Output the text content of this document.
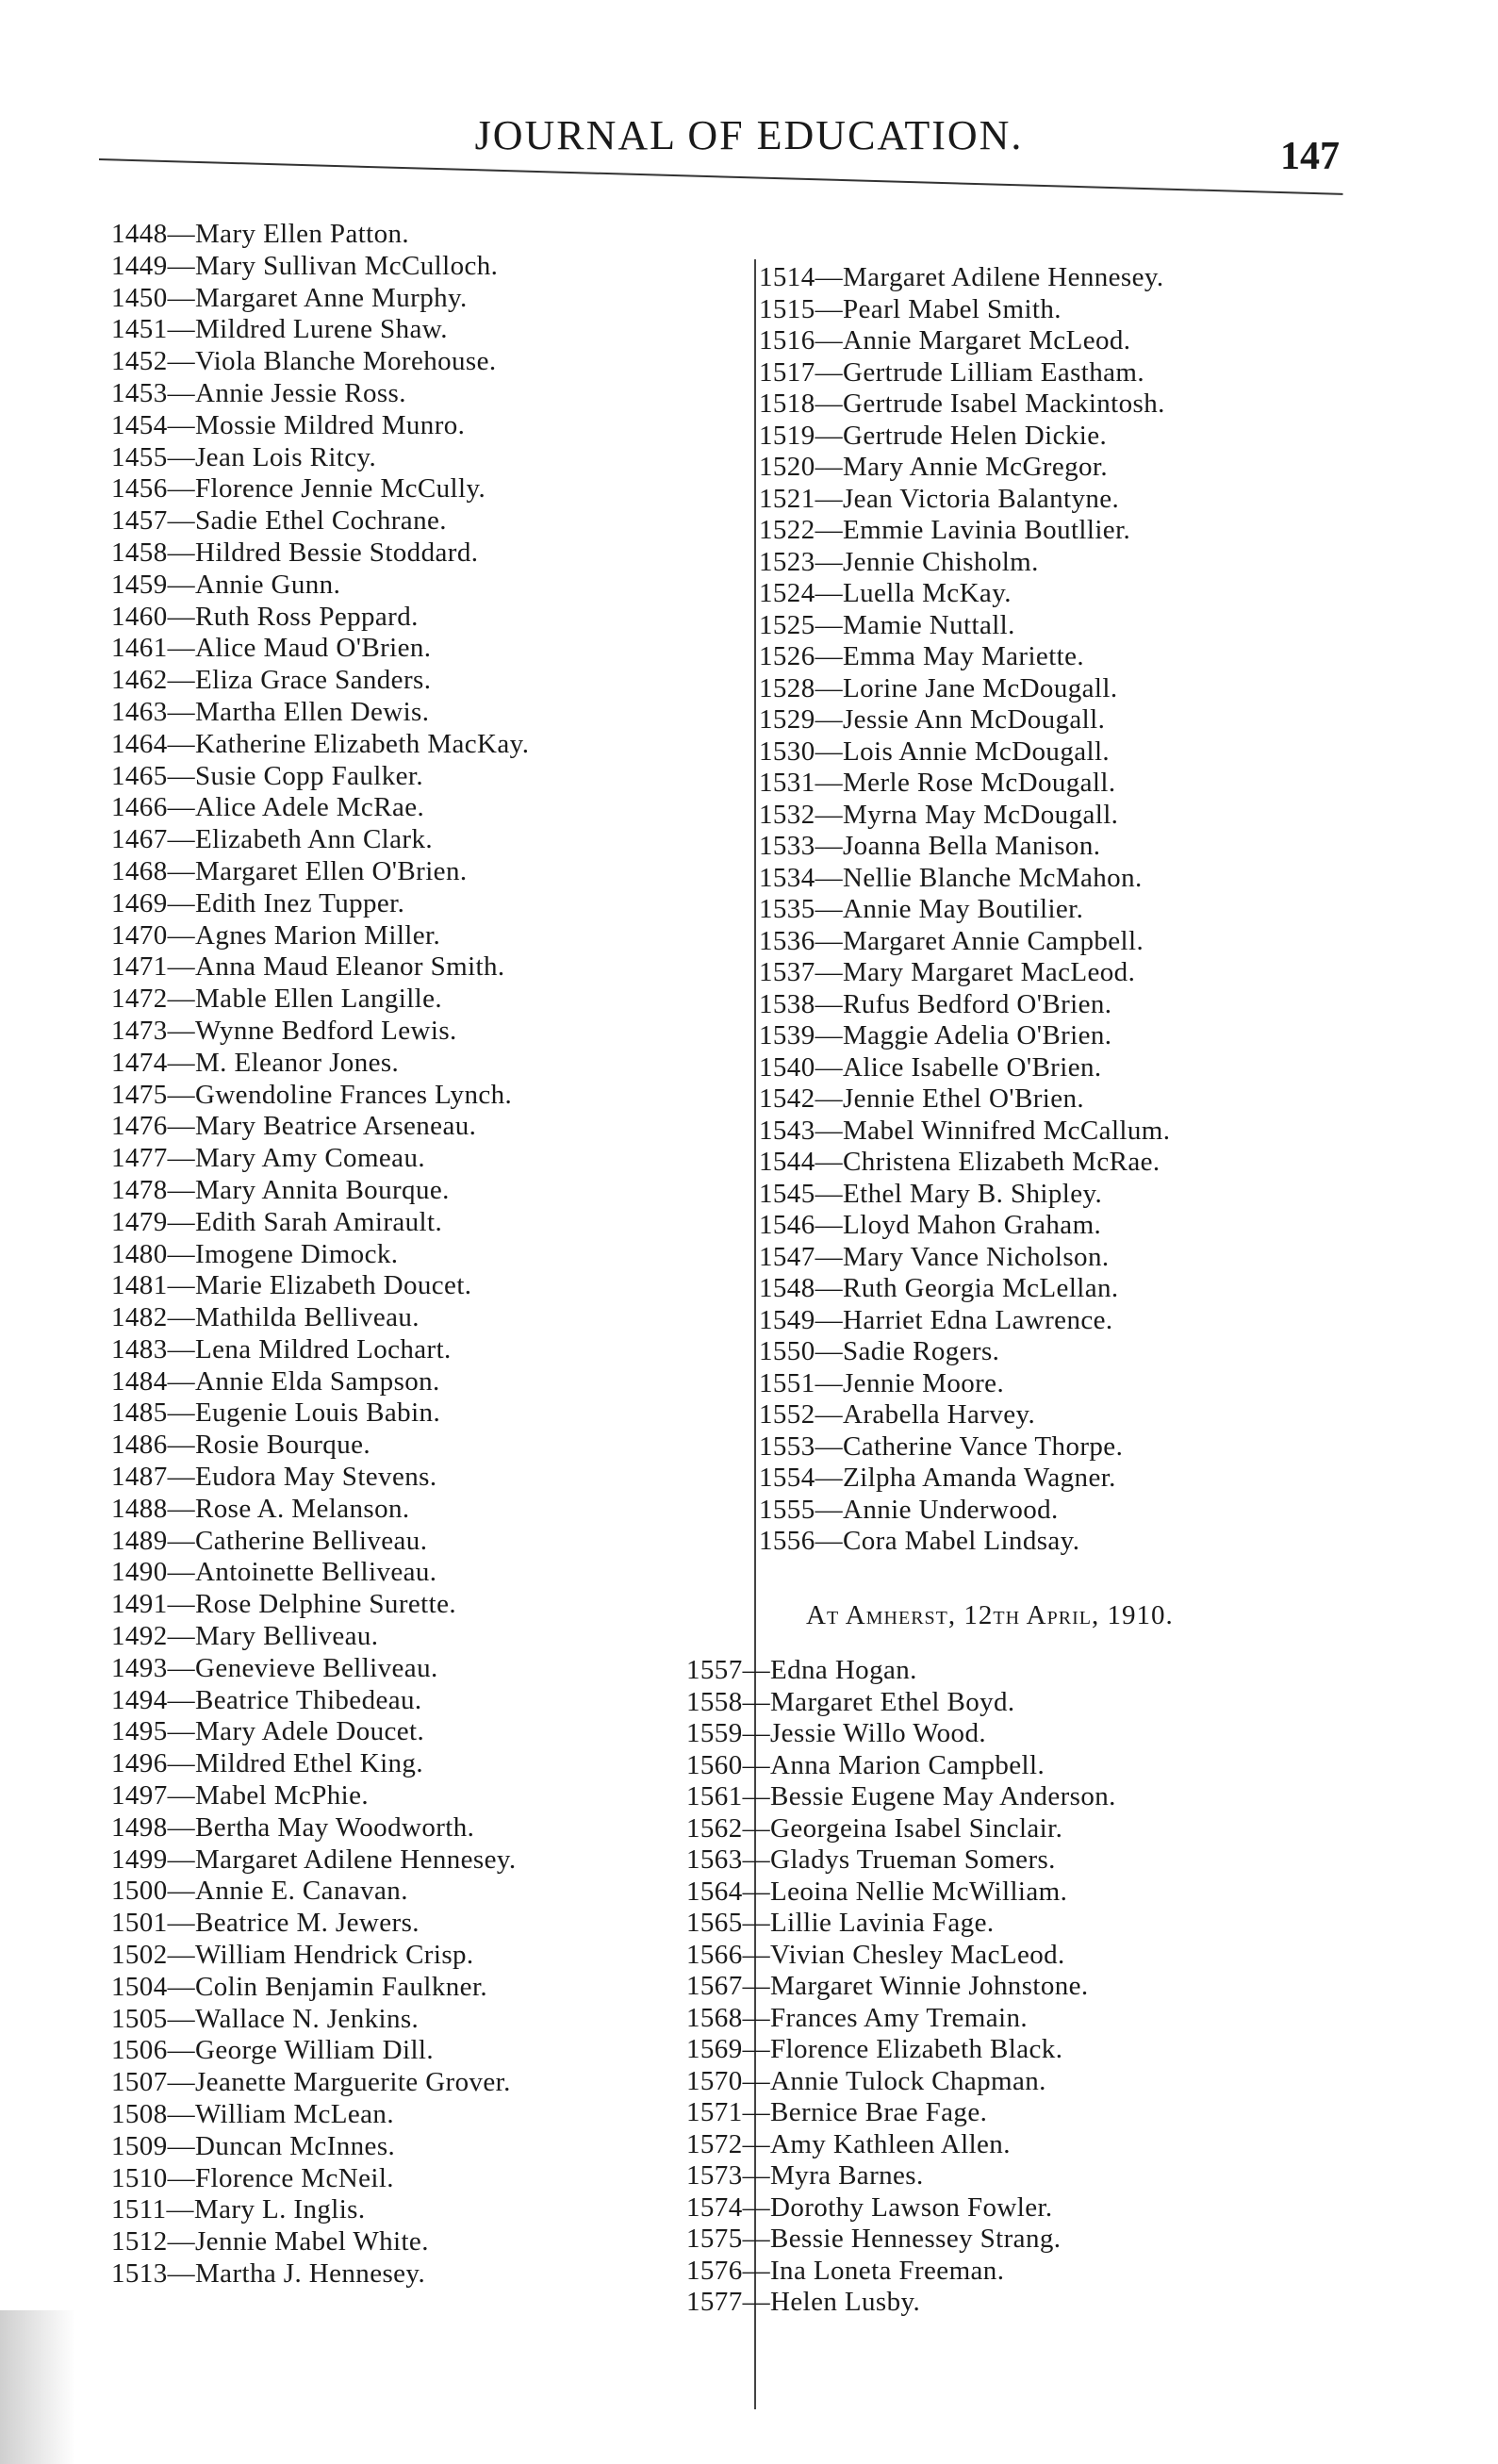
JOURNAL OF EDUCATION.	147
1448—Mary Ellen Patton.
1449—Mary Sullivan McCulloch.
1450—Margaret Anne Murphy.
1451—Mildred Lurene Shaw.
1452—Viola Blanche Morehouse.
1453—Annie Jessie Ross.
1454—Mossie Mildred Munro.
1455—Jean Lois Ritcy.
1456—Florence Jennie McCully.
1457—Sadie Ethel Cochrane.
1458—Hildred Bessie Stoddard.
1459—Annie Gunn.
1460—Ruth Ross Peppard.
1461—Alice Maud O'Brien.
1462—Eliza Grace Sanders.
1463—Martha Ellen Dewis.
1464—Katherine Elizabeth MacKay.
1465—Susie Copp Faulker.
1466—Alice Adele McRae.
1467—Elizabeth Ann Clark.
1468—Margaret Ellen O'Brien.
1469—Edith Inez Tupper.
1470—Agnes Marion Miller.
1471—Anna Maud Eleanor Smith.
1472—Mable Ellen Langille.
1473—Wynne Bedford Lewis.
1474—M. Eleanor Jones.
1475—Gwendoline Frances Lynch.
1476—Mary Beatrice Arseneau.
1477—Mary Amy Comeau.
1478—Mary Annita Bourque.
1479—Edith Sarah Amirault.
1480—Imogene Dimock.
1481—Marie Elizabeth Doucet.
1482—Mathilda Belliveau.
1483—Lena Mildred Lochart.
1484—Annie Elda Sampson.
1485—Eugenie Louis Babin.
1486—Rosie Bourque.
1487—Eudora May Stevens.
1488—Rose A. Melanson.
1489—Catherine Belliveau.
1490—Antoinette Belliveau.
1491—Rose Delphine Surette.
1492—Mary Belliveau.
1493—Genevieve Belliveau.
1494—Beatrice Thibedeau.
1495—Mary Adele Doucet.
1496—Mildred Ethel King.
1497—Mabel McPhie.
1498—Bertha May Woodworth.
1499—Margaret Adilene Hennesey.
1500—Annie E. Canavan.
1501—Beatrice M. Jewers.
1502—William Hendrick Crisp.
1504—Colin Benjamin Faulkner.
1505—Wallace N. Jenkins.
1506—George William Dill.
1507—Jeanette Marguerite Grover.
1508—William McLean.
1509—Duncan McInnes.
1510—Florence McNeil.
1511—Mary L. Inglis.
1512—Jennie Mabel White.
1513—Martha J. Hennesey.
1514—Margaret Adilene Hennesey.
1515—Pearl Mabel Smith.
1516—Annie Margaret McLeod.
1517—Gertrude Lilliam Eastham.
1518—Gertrude Isabel Mackintosh.
1519—Gertrude Helen Dickie.
1520—Mary Annie McGregor.
1521—Jean Victoria Balantyne.
1522—Emmie Lavinia Boutllier.
1523—Jennie Chisholm.
1524—Luella McKay.
1525—Mamie Nuttall.
1526—Emma May Mariette.
1528—Lorine Jane McDougall.
1529—Jessie Ann McDougall.
1530—Lois Annie McDougall.
1531—Merle Rose McDougall.
1532—Myrna May McDougall.
1533—Joanna Bella Manison.
1534—Nellie Blanche McMahon.
1535—Annie May Boutilier.
1536—Margaret Annie Campbell.
1537—Mary Margaret MacLeod.
1538—Rufus Bedford O'Brien.
1539—Maggie Adelia O'Brien.
1540—Alice Isabelle O'Brien.
1542—Jennie Ethel O'Brien.
1543—Mabel Winnifred McCallum.
1544—Christena Elizabeth McRae.
1545—Ethel Mary B. Shipley.
1546—Lloyd Mahon Graham.
1547—Mary Vance Nicholson.
1548—Ruth Georgia McLellan.
1549—Harriet Edna Lawrence.
1550—Sadie Rogers.
1551—Jennie Moore.
1552—Arabella Harvey.
1553—Catherine Vance Thorpe.
1554—Zilpha Amanda Wagner.
1555—Annie Underwood.
1556—Cora Mabel Lindsay.
At Amherst, 12th April, 1910.
1557—Edna Hogan.
1558—Margaret Ethel Boyd.
1559—Jessie Willo Wood.
1560—Anna Marion Campbell.
1561—Bessie Eugene May Anderson.
1562—Georgeina Isabel Sinclair.
1563—Gladys Trueman Somers.
1564—Leoina Nellie McWilliam.
1565—Lillie Lavinia Fage.
1566—Vivian Chesley MacLeod.
1567—Margaret Winnie Johnstone.
1568—Frances Amy Tremain.
1569—Florence Elizabeth Black.
1570—Annie Tulock Chapman.
1571—Bernice Brae Fage.
1572—Amy Kathleen Allen.
1573—Myra Barnes.
1574—Dorothy Lawson Fowler.
1575—Bessie Hennessey Strang.
1576—Ina Loneta Freeman.
1577—Helen Lusby.
